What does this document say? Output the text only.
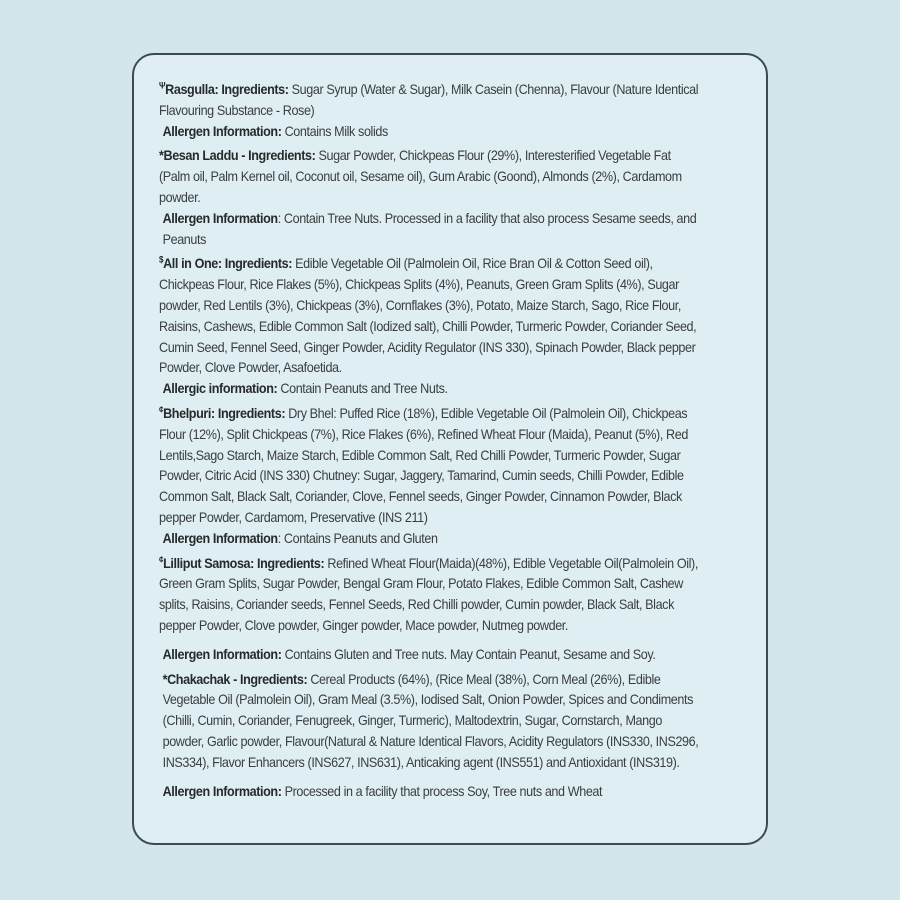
$^\Psi$Rasgulla: Ingredients: Sugar Syrup (Water & Sugar), Milk Casein (Chenna), Flavour (Nature Identical Flavouring Substance - Rose)

Allergen Information: Contains Milk solids

*Besan Laddu - Ingredients: Sugar Powder, Chickpeas Flour (29%), Interesterified Vegetable Fat (Palm oil, Palm Kernel oil, Coconut oil, Sesame oil), Gum Arabic (Goond), Almonds (2%), Cardamom powder.

Allergen Information: Contain Tree Nuts. Processed in a facility that also process Sesame seeds, and Peanuts

$All in One: Ingredients: Edible Vegetable Oil (Palmolein Oil, Rice Bran Oil & Cotton Seed oil), Chickpeas Flour, Rice Flakes (5%), Chickpeas Splits (4%), Peanuts, Green Gram Splits (4%), Sugar powder, Red Lentils (3%), Chickpeas (3%), Cornflakes (3%), Potato, Maize Starch, Sago, Rice Flour, Raisins, Cashews, Edible Common Salt (Iodized salt), Chilli Powder, Turmeric Powder, Coriander Seed, Cumin Seed, Fennel Seed, Ginger Powder, Acidity Regulator (INS 330), Spinach Powder, Black pepper Powder, Clove Powder, Asafoetida.

Allergic information: Contain Peanuts and Tree Nuts.

¢Bhelpuri: Ingredients: Dry Bhel: Puffed Rice (18%), Edible Vegetable Oil (Palmolein Oil), Chickpeas Flour (12%), Split Chickpeas (7%), Rice Flakes (6%), Refined Wheat Flour (Maida), Peanut (5%), Red Lentils,Sago Starch, Maize Starch, Edible Common Salt, Red Chilli Powder, Turmeric Powder, Sugar Powder, Citric Acid (INS 330) Chutney: Sugar, Jaggery, Tamarind, Cumin seeds, Chilli Powder, Edible Common Salt, Black Salt, Coriander, Clove, Fennel seeds, Ginger Powder, Cinnamon Powder, Black pepper Powder, Cardamom, Preservative (INS 211)

Allergen Information: Contains Peanuts and Gluten

¢Lilliput Samosa: Ingredients: Refined Wheat Flour(Maida)(48%), Edible Vegetable Oil(Palmolein Oil), Green Gram Splits, Sugar Powder, Bengal Gram Flour, Potato Flakes, Edible Common Salt, Cashew splits, Raisins, Coriander seeds, Fennel Seeds, Red Chilli powder, Cumin powder, Black Salt, Black pepper Powder, Clove powder, Ginger powder, Mace powder, Nutmeg powder.

Allergen Information: Contains Gluten and Tree nuts. May Contain Peanut, Sesame and Soy.

*Chakachak - Ingredients: Cereal Products (64%), (Rice Meal (38%), Corn Meal (26%), Edible Vegetable Oil (Palmolein Oil), Gram Meal (3.5%), Iodised Salt, Onion Powder, Spices and Condiments (Chilli, Cumin, Coriander, Fenugreek, Ginger, Turmeric), Maltodextrin, Sugar, Cornstarch, Mango powder, Garlic powder, Flavour(Natural & Nature Identical Flavors, Acidity Regulators (INS330, INS296, INS334), Flavor Enhancers (INS627, INS631), Anticaking agent (INS551) and Antioxidant (INS319).

Allergen Information: Processed in a facility that process Soy, Tree nuts and Wheat
